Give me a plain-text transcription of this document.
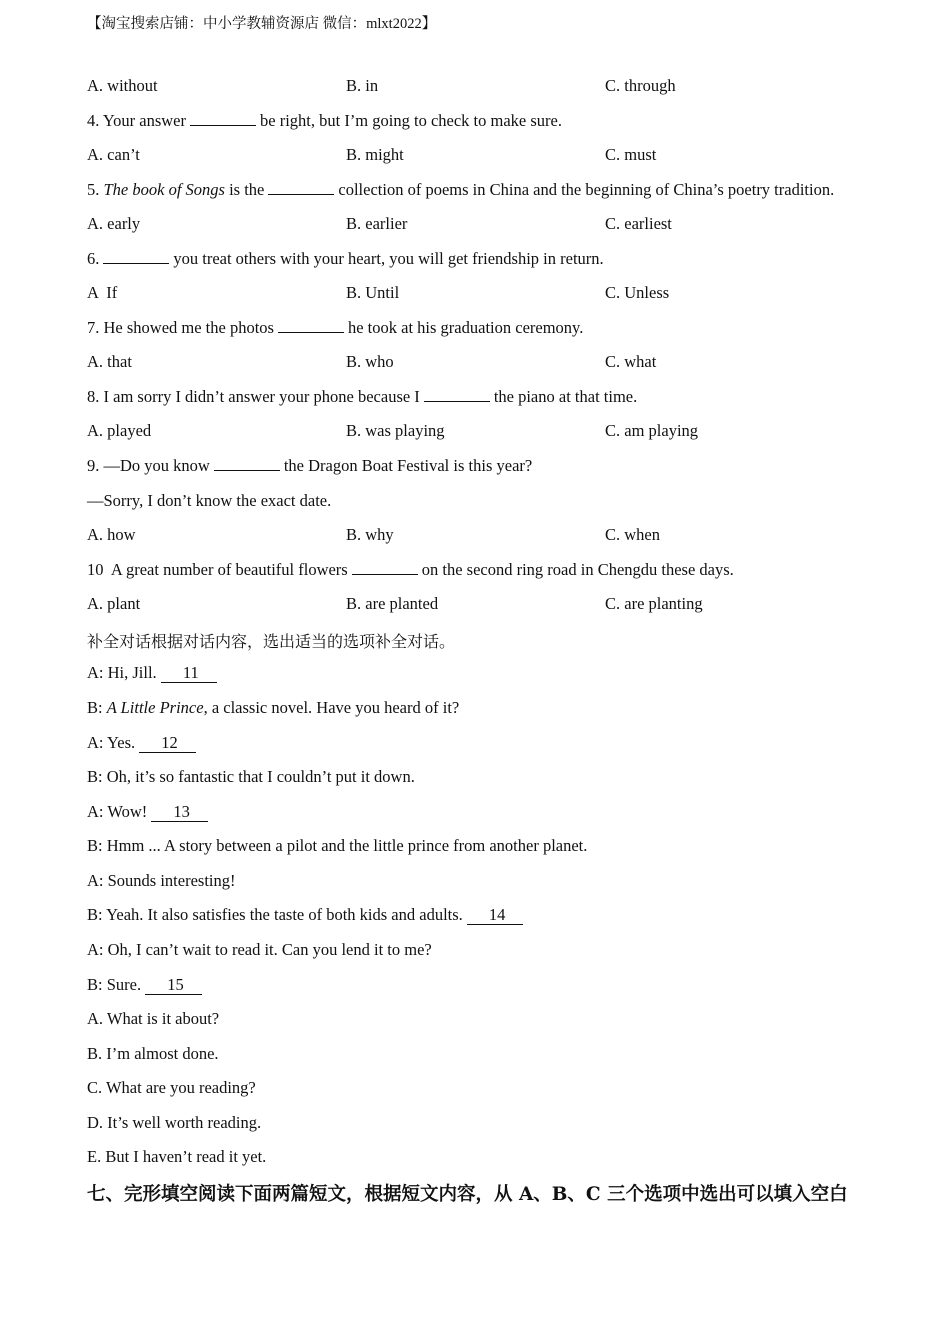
【淘宝搜索店铺：中小学教辅资源店 微信：mlxt2022】
A. without	B. in	C. through
4. Your answer	be right, but I’m going to check to make sure.
A. can’t	B. might	C. must
5. The book of Songs is the	collection of poems in China and the beginning of China’s poetry tradition.
A. early	B. earlier	C. earliest
6.	you treat others with your heart, you will get friendship in return.
A  If	B. Until	C. Unless
7. He showed me the photos	he took at his graduation ceremony.
A. that	B. who	C. what
8. I am sorry I didn’t answer your phone because I	the piano at that time.
A. played	B. was playing	C. am playing
9. —Do you know	the Dragon Boat Festival is this year?
—Sorry, I don’t know the exact date.
A. how	B. why	C. when
10  A great number of beautiful flowers	on the second ring road in Chengdu these days.
A. plant	B. are planted	C. are planting
补全对话根据对话内容，选出适当的选项补全对话。
A: Hi, Jill. 11
B: A Little Prince, a classic novel. Have you heard of it?
A: Yes. 12
B: Oh, it’s so fantastic that I couldn’t put it down.
A: Wow! 13
B: Hmm ... A story between a pilot and the little prince from another planet.
A: Sounds interesting!
B: Yeah. It also satisfies the taste of both kids and adults. 14
A: Oh, I can’t wait to read it. Can you lend it to me?
B: Sure. 15
A. What is it about?
B. I’m almost done.
C. What are you reading?
D. It’s well worth reading.
E. But I haven’t read it yet.
七、完形填空阅读下面两篇短文，根据短文内容，从 A、B、C 三个选项中选出可以填入空白
